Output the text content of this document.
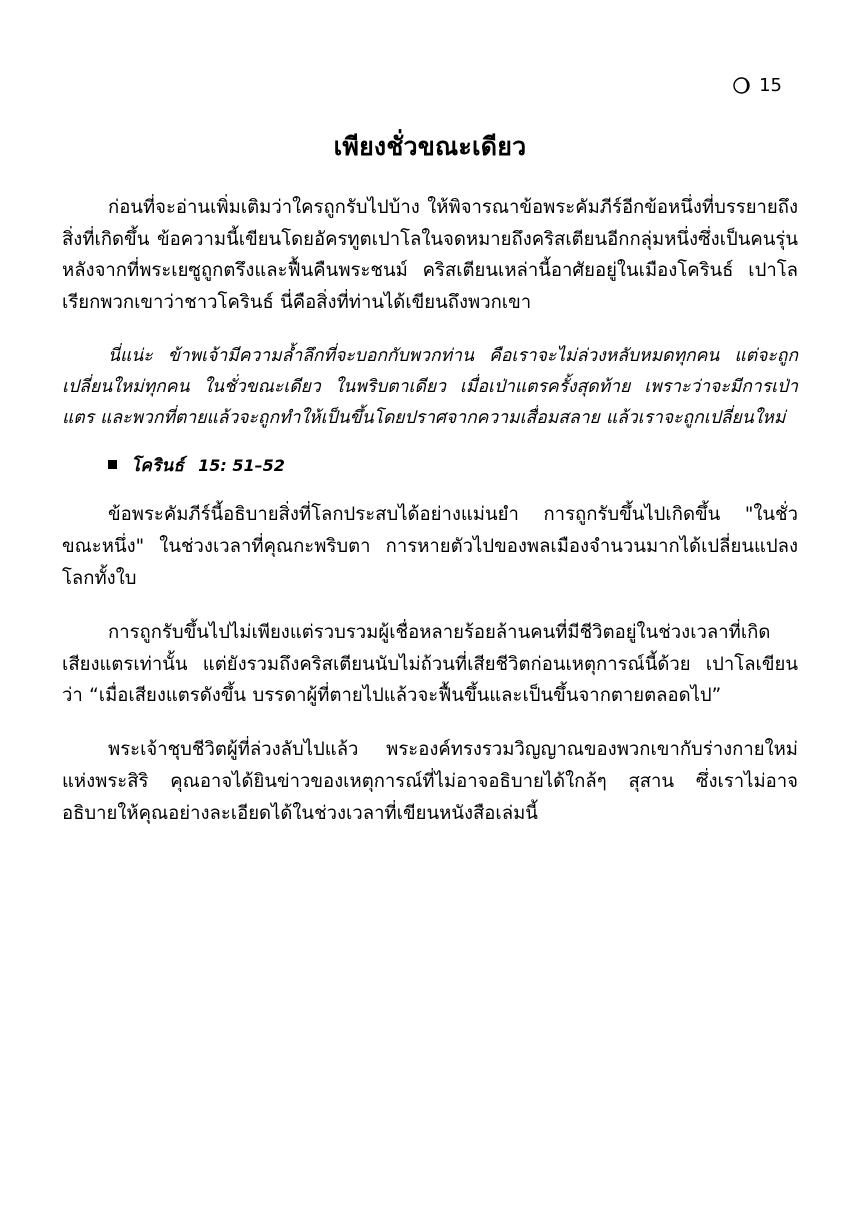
15
เพียงชั่วขณะเดียว

ก่อนที่จะอ่านเพิ่มเติมว่าใครถูกรับไปบ้าง ให้พิจารณาข้อพระคัมภีร์อีกข้อหนึ่งที่บรรยายถึงสิ่งที่เกิดขึ้น ข้อความนี้เขียนโดยอัครทูตเปาโลในจดหมายถึงคริสเตียนอีกกลุ่มหนึ่งซึ่งเป็นคนรุ่นหลังจากที่พระเยซูถูกตรึงและฟื้นคืนพระชนม์ คริสเตียนเหล่านี้อาศัยอยู่ในเมืองโครินธ์ เปาโลเรียกพวกเขาว่าชาวโครินธ์ นี่คือสิ่งที่ท่านได้เขียนถึงพวกเขา

นี่แน่ะ ข้าพเจ้ามีความล้ำลึกที่จะบอกกับพวกท่าน คือเราจะไม่ล่วงหลับหมดทุกคน แต่จะถูกเปลี่ยนใหม่ทุกคน ในชั่วขณะเดียว ในพริบตาเดียว เมื่อเป่าแตรครั้งสุดท้าย เพราะว่าจะมีการเป่าแตร และพวกที่ตายแล้วจะถูกทำให้เป็นขึ้นโดยปราศจากความเสื่อมสลาย แล้วเราจะถูกเปลี่ยนใหม่

โครินธ์ 15: 51–52

ข้อพระคัมภีร์นี้อธิบายสิ่งที่โลกประสบได้อย่างแม่นยำ การถูกรับขึ้นไปเกิดขึ้น "ในชั่วขณะหนึ่ง" ในช่วงเวลาที่คุณกะพริบตา การหายตัวไปของพลเมืองจำนวนมากได้เปลี่ยนแปลงโลกทั้งใบ

การถูกรับขึ้นไปไม่เพียงแต่รวบรวมผู้เชื่อหลายร้อยล้านคนที่มีชีวิตอยู่ในช่วงเวลาที่เกิดเสียงแตรเท่านั้น แต่ยังรวมถึงคริสเตียนนับไม่ถ้วนที่เสียชีวิตก่อนเหตุการณ์นี้ด้วย เปาโลเขียนว่า “เมื่อเสียงแตรดังขึ้น บรรดาผู้ที่ตายไปแล้วจะฟื้นขึ้นและเป็นขึ้นจากตายตลอดไป”

พระเจ้าชุบชีวิตผู้ที่ล่วงลับไปแล้ว พระองค์ทรงรวมวิญญาณของพวกเขากับร่างกายใหม่แห่งพระสิริ คุณอาจได้ยินข่าวของเหตุการณ์ที่ไม่อาจอธิบายได้ใกล้ๆ สุสาน ซึ่งเราไม่อาจอธิบายให้คุณอย่างละเอียดได้ในช่วงเวลาที่เขียนหนังสือเล่มนี้
